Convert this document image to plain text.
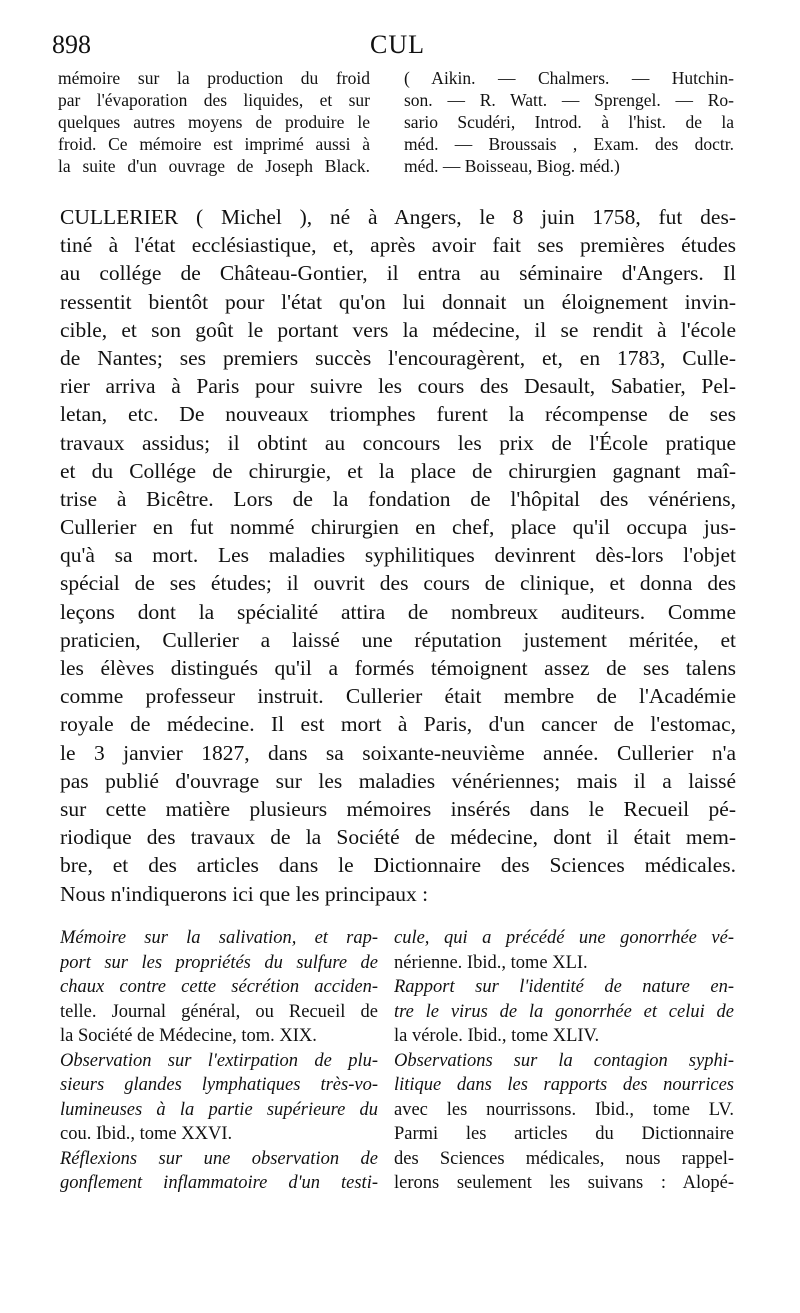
898	CUL
mémoire sur la production du froid
par l'évaporation des liquides, et sur
quelques autres moyens de produire le
froid. Ce mémoire est imprimé aussi à
la suite d'un ouvrage de Joseph Black.
( Aikin. — Chalmers. — Hutchin-
son. — R. Watt. — Sprengel. — Ro-
sario Scudéri, Introd. à l'hist. de la
méd. — Broussais , Exam. des doctr.
méd. — Boisseau, Biog. méd.)
CULLERIER ( Michel ), né à Angers, le 8 juin 1758, fut des-
tiné à l'état ecclésiastique, et, après avoir fait ses premières études
au collége de Château-Gontier, il entra au séminaire d'Angers. Il
ressentit bientôt pour l'état qu'on lui donnait un éloignement invin-
cible, et son goût le portant vers la médecine, il se rendit à l'école
de Nantes; ses premiers succès l'encouragèrent, et, en 1783, Culle-
rier arriva à Paris pour suivre les cours des Desault, Sabatier, Pel-
letan, etc. De nouveaux triomphes furent la récompense de ses
travaux assidus; il obtint au concours les prix de l'École pratique
et du Collége de chirurgie, et la place de chirurgien gagnant maî-
trise à Bicêtre. Lors de la fondation de l'hôpital des vénériens,
Cullerier en fut nommé chirurgien en chef, place qu'il occupa jus-
qu'à sa mort. Les maladies syphilitiques devinrent dès-lors l'objet
spécial de ses études; il ouvrit des cours de clinique, et donna des
leçons dont la spécialité attira de nombreux auditeurs. Comme
praticien, Cullerier a laissé une réputation justement méritée, et
les élèves distingués qu'il a formés témoignent assez de ses talens
comme professeur instruit. Cullerier était membre de l'Académie
royale de médecine. Il est mort à Paris, d'un cancer de l'estomac,
le 3 janvier 1827, dans sa soixante-neuvième année. Cullerier n'a
pas publié d'ouvrage sur les maladies vénériennes; mais il a laissé
sur cette matière plusieurs mémoires insérés dans le Recueil pé-
riodique des travaux de la Société de médecine, dont il était mem-
bre, et des articles dans le Dictionnaire des Sciences médicales.
Nous n'indiquerons ici que les principaux :
Mémoire sur la salivation, et rap-
port sur les propriétés du sulfure de
chaux contre cette sécrétion acciden-
telle. Journal général, ou Recueil de
la Société de Médecine, tom. XIX.
Observation sur l'extirpation de plu-
sieurs glandes lymphatiques très-vo-
lumineuses à la partie supérieure du
cou. Ibid., tome XXVI.
Réflexions sur une observation de
gonflement inflammatoire d'un testi-
cule, qui a précédé une gonorrhée vé-
nérienne. Ibid., tome XLI.
Rapport sur l'identité de nature en-
tre le virus de la gonorrhée et celui de
la vérole. Ibid., tome XLIV.
Observations sur la contagion syphi-
litique dans les rapports des nourrices
avec les nourrissons. Ibid., tome LV.
Parmi les articles du Dictionnaire
des Sciences médicales, nous rappel-
lerons seulement les suivans : Alopé-
